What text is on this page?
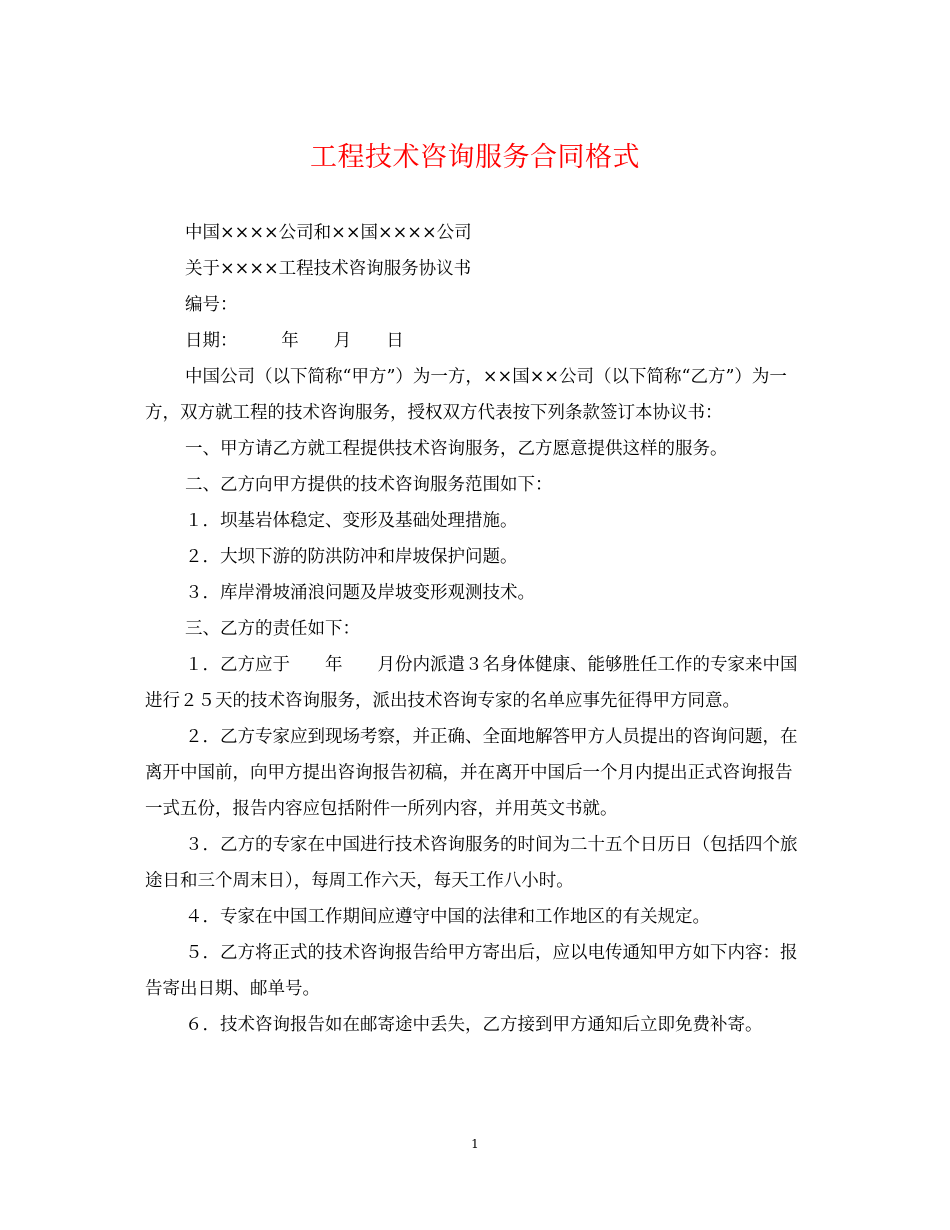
工程技术咨询服务合同格式

中国××××公司和××国××××公司

关于××××工程技术咨询服务协议书

编号：

日期：　　　年　　月　　日

中国公司（以下简称“甲方”）为一方，××国××公司（以下简称“乙方”）为一方，双方就工程的技术咨询服务，授权双方代表按下列条款签订本协议书：

一、甲方请乙方就工程提供技术咨询服务，乙方愿意提供这样的服务。

二、乙方向甲方提供的技术咨询服务范围如下：

１．坝基岩体稳定、变形及基础处理措施。

２．大坝下游的防洪防冲和岸坡保护问题。

３．库岸滑坡涌浪问题及岸坡变形观测技术。

三、乙方的责任如下：

１．乙方应于　　年　　月份内派遣３名身体健康、能够胜任工作的专家来中国进行２５天的技术咨询服务，派出技术咨询专家的名单应事先征得甲方同意。

２．乙方专家应到现场考察，并正确、全面地解答甲方人员提出的咨询问题，在离开中国前，向甲方提出咨询报告初稿，并在离开中国后一个月内提出正式咨询报告一式五份，报告内容应包括附件一所列内容，并用英文书就。

３．乙方的专家在中国进行技术咨询服务的时间为二十五个日历日（包括四个旅途日和三个周末日），每周工作六天，每天工作八小时。

４．专家在中国工作期间应遵守中国的法律和工作地区的有关规定。

５．乙方将正式的技术咨询报告给甲方寄出后，应以电传通知甲方如下内容：报告寄出日期、邮单号。

６．技术咨询报告如在邮寄途中丢失，乙方接到甲方通知后立即免费补寄。

1
